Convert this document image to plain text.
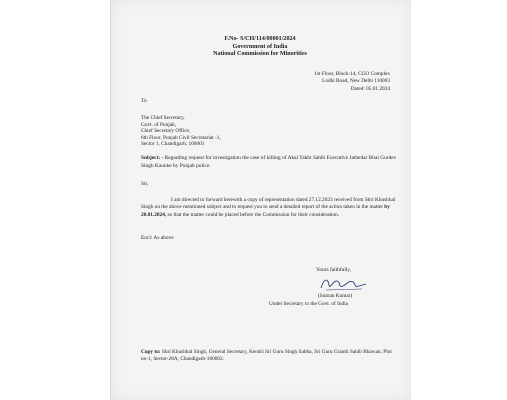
F.No- S/CH/114/00001/2024
Government of India
National Commission for Minorities
1st Floor, Block-14, CGO Complex
Lodhi Road, New Delhi 110003
Dated: 05.01.2024
To
The Chief Secretary,
Govt. of Punjab,
Chief Secretary Office,
6th Floor, Punjab Civil Secretariat -1,
Sector 1, Chandigarh, 160001
Subject: - Regarding request for investigation the case of killing of Akal Takht Sahib Executive Jathedar Bhai Gurdev Singh Kaunke by Punjab police.
Sir,
I am directed to forward herewith a copy of representation dated 27.12.2023 received from Shri Khushhal Singh on the above mentioned subject and to request you to send a detailed report of the action taken in the matter by 20.01.2024, so that the matter could be placed before the Commission for their consideration.
Encl: As above
Yours faithfully,
(Suman Kumar)
Under Secretary to the Govt. of India
Copy to: Shri Khushhal Singh, General Secretary, Kendri Sri Guru Singh Sabha, Sri Guru Granth Sahib Bhawan, Plot no-1, Sector-28A, Chandigarh-160002.
